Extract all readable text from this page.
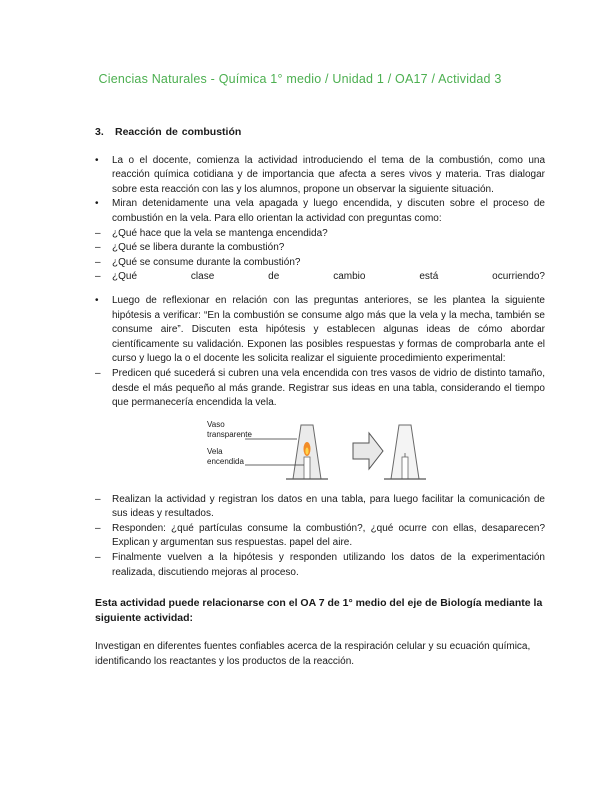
Ciencias Naturales - Química 1° medio / Unidad 1 / OA17 / Actividad 3
3. Reacción de combustión
• La o el docente, comienza la actividad introduciendo el tema de la combustión, como una reacción química cotidiana y de importancia que afecta a seres vivos y materia. Tras dialogar sobre esta reacción con las y los alumnos, propone un observar la siguiente situación.
• Miran detenidamente una vela apagada y luego encendida, y discuten sobre el proceso de combustión en la vela. Para ello orientan la actividad con preguntas como:
– ¿Qué hace que la vela se mantenga encendida?
– ¿Qué se libera durante la combustión?
– ¿Qué se consume durante la combustión?
– ¿Qué clase de cambio está ocurriendo?
• Luego de reflexionar en relación con las preguntas anteriores, se les plantea la siguiente hipótesis a verificar: “En la combustión se consume algo más que la vela y la mecha, también se consume aire”. Discuten esta hipótesis y establecen algunas ideas de cómo abordar científicamente su validación. Exponen las posibles respuestas y formas de comprobarla ante el curso y luego la o el docente les solicita realizar el siguiente procedimiento experimental:
– Predicen qué sucederá si cubren una vela encendida con tres vasos de vidrio de distinto tamaño, desde el más pequeño al más grande. Registrar sus ideas en una tabla, considerando el tiempo que permanecería encendida la vela.
Vaso
transparente
Vela
encendida
– Realizan la actividad y registran los datos en una tabla, para luego facilitar la comunicación de sus ideas y resultados.
– Responden: ¿qué partículas consume la combustión?, ¿qué ocurre con ellas, desaparecen? Explican y argumentan sus respuestas. papel del aire.
– Finalmente vuelven a la hipótesis y responden utilizando los datos de la experimentación realizada, discutiendo mejoras al proceso.
Esta actividad puede relacionarse con el OA 7 de 1° medio del eje de Biología mediante la siguiente actividad:
Investigan en diferentes fuentes confiables acerca de la respiración celular y su ecuación química, identificando los reactantes y los productos de la reacción.
